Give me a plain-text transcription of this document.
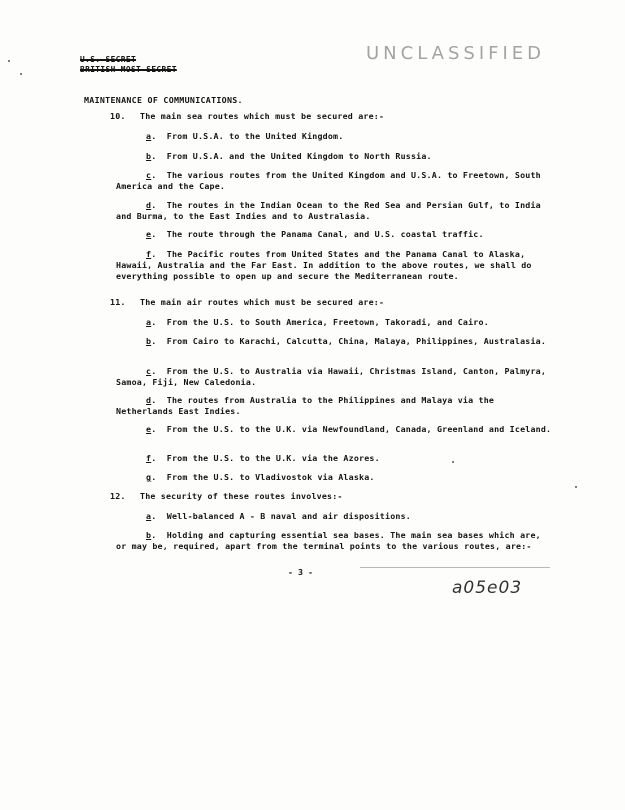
U.S. SECRET
BRITISH MOST SECRET
UNCLASSIFIED
MAINTENANCE OF COMMUNICATIONS.
10. The main sea routes which must be secured are:-
a.  From U.S.A. to the United Kingdom.
b.  From U.S.A. and the United Kingdom to North Russia.
c.  The various routes from the United Kingdom and U.S.A. to Freetown, South America and the Cape.
d.  The routes in the Indian Ocean to the Red Sea and Persian Gulf, to India and Burma, to the East Indies and to Australasia.
e.  The route through the Panama Canal, and U.S. coastal traffic.
f.  The Pacific routes from United States and the Panama Canal to Alaska, Hawaii, Australia and the Far East. In addition to the above routes, we shall do everything possible to open up and secure the Mediterranean route.
11. The main air routes which must be secured are:-
a.  From the U.S. to South America, Freetown, Takoradi, and Cairo.
b.  From Cairo to Karachi, Calcutta, China, Malaya, Philippines, Australasia.
c.  From the U.S. to Australia via Hawaii, Christmas Island, Canton, Palmyra, Samoa, Fiji, New Caledonia.
d.  The routes from Australia to the Philippines and Malaya via the Netherlands East Indies.
e.  From the U.S. to the U.K. via Newfoundland, Canada, Greenland and Iceland.
f.  From the U.S. to the U.K. via the Azores.
g.  From the U.S. to Vladivostok via Alaska.
12. The security of these routes involves:-
a.  Well-balanced A - B naval and air dispositions.
b.  Holding and capturing essential sea bases. The main sea bases which are, or may be, required, apart from the terminal points to the various routes, are:-
- 3 -
a05e03
